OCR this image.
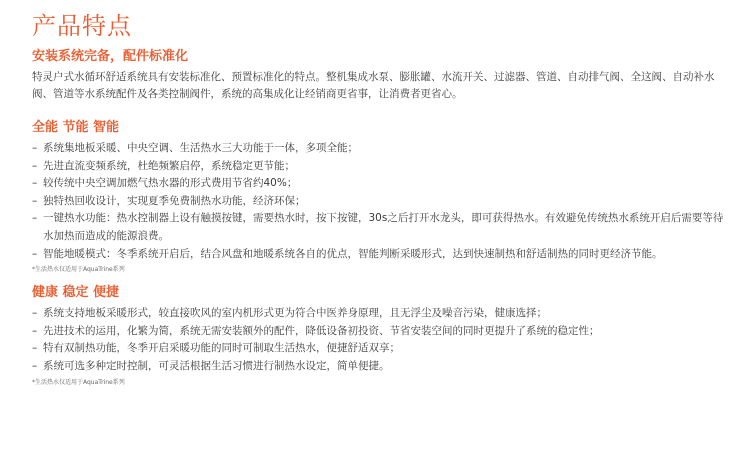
产品特点
安装系统完备，配件标准化

特灵户式水循环舒适系统具有安装标准化、预置标准化的特点。整机集成水泵、膨胀罐、水流开关、过滤器、管道、自动排气阀、全这阀、自动补水阀、管道等水系统配件及各类控制阀件，系统的高集成化让经销商更省事，让消费者更省心。

全能 节能 智能
– 系统集地板采暖、中央空调、生活热水三大功能于一体，多项全能；
– 先进直流变频系统，杜绝频繁启停，系统稳定更节能；
– 较传统中央空调加燃气热水器的形式费用节省约40%；
– 独特热回收设计，实现夏季免费制热水功能，经济环保；
– 一键热水功能：热水控制器上设有触摸按键，需要热水时，按下按键，30s之后打开水龙头，即可获得热水。有效避免传统热水系统开启后需要等待水加热而造成的能源浪费。
– 智能地暖模式：冬季系统开启后，结合风盘和地暖系统各自的优点，智能判断采暖形式，达到快速制热和舒适制热的同时更经济节能。

*生活热水仅适用于AquaTrine系列

健康 稳定 便捷
– 系统支持地板采暖形式，较直接吹风的室内机形式更为符合中医养身原理，且无浮尘及噪音污染，健康选择；
– 先进技术的运用，化繁为简，系统无需安装额外的配件，降低设备初投资、节省安装空间的同时更提升了系统的稳定性；
– 特有双制热功能，冬季开启采暖功能的同时可制取生活热水，便捷舒适双享；
– 系统可选多种定时控制，可灵活根据生活习惯进行制热水设定，简单便捷。

*生活热水仅适用于AquaTrine系列
